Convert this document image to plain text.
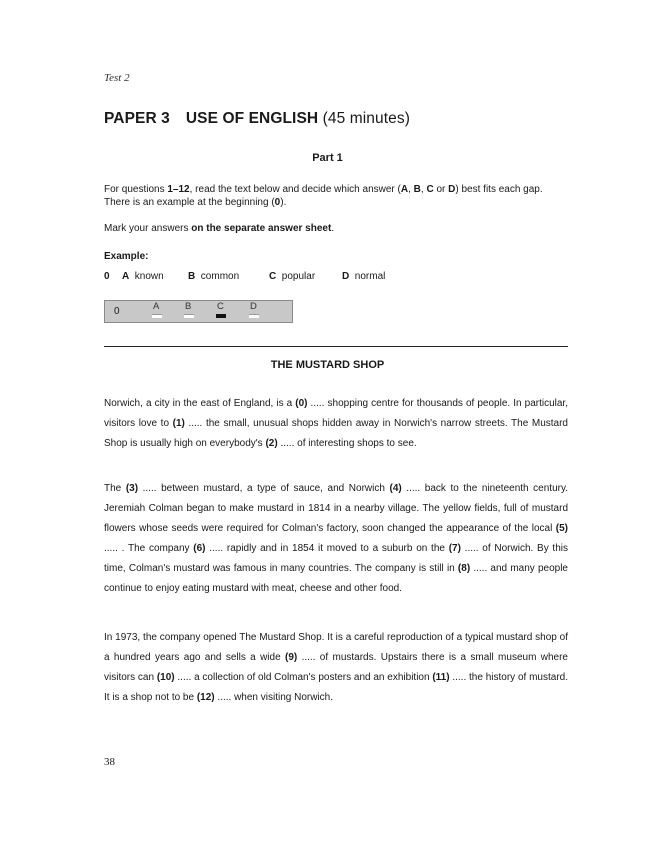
Test 2
PAPER 3 USE OF ENGLISH (45 minutes)
Part 1
For questions 1–12, read the text below and decide which answer (A, B, C or D) best fits each gap. There is an example at the beginning (0).
Mark your answers on the separate answer sheet.
Example:
0 A known B common	C popular	D normal
0	A	B	C	D
THE MUSTARD SHOP
Norwich, a city in the east of England, is a (0) ..... shopping centre for thousands of people. In particular, visitors love to (1) ..... the small, unusual shops hidden away in Norwich's narrow streets. The Mustard Shop is usually high on everybody's (2) ..... of interesting shops to see.
The (3) ..... between mustard, a type of sauce, and Norwich (4) ..... back to the nineteenth century. Jeremiah Colman began to make mustard in 1814 in a nearby village. The yellow fields, full of mustard flowers whose seeds were required for Colman's factory, soon changed the appearance of the local (5) ..... . The company (6) ..... rapidly and in 1854 it moved to a suburb on the (7) ..... of Norwich. By this time, Colman's mustard was famous in many countries. The company is still in (8) ..... and many people continue to enjoy eating mustard with meat, cheese and other food.
In 1973, the company opened The Mustard Shop. It is a careful reproduction of a typical mustard shop of a hundred years ago and sells a wide (9) ..... of mustards. Upstairs there is a small museum where visitors can (10) ..... a collection of old Colman's posters and an exhibition (11) ..... the history of mustard. It is a shop not to be (12) ..... when visiting Norwich.
38
